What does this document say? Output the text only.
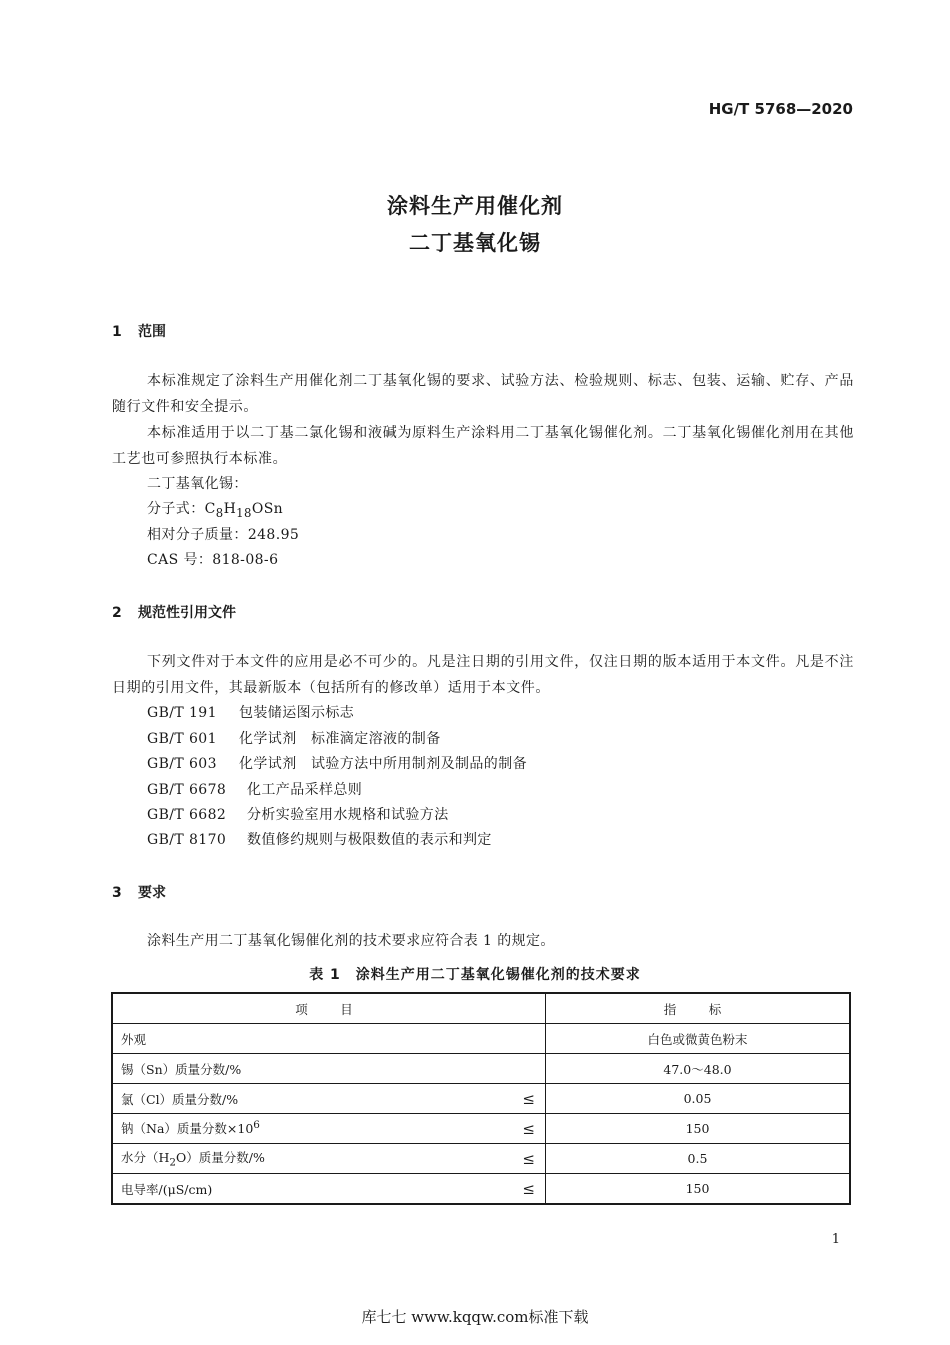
HG/T 5768—2020
涂料生产用催化剂
二丁基氧化锡
1 范围
本标准规定了涂料生产用催化剂二丁基氧化锡的要求、试验方法、检验规则、标志、包装、运输、贮存、产品随行文件和安全提示。
本标准适用于以二丁基二氯化锡和液碱为原料生产涂料用二丁基氧化锡催化剂。二丁基氧化锡催化剂用在其他工艺也可参照执行本标准。
二丁基氧化锡：
分子式：$C_8H_{18}OSn$
相对分子质量：248.95
CAS 号：818-08-6
2 规范性引用文件
下列文件对于本文件的应用是必不可少的。凡是注日期的引用文件，仅注日期的版本适用于本文件。凡是不注日期的引用文件，其最新版本（包括所有的修改单）适用于本文件。
GB/T 191 包装储运图示标志
GB/T 601 化学试剂　标准滴定溶液的制备
GB/T 603 化学试剂　试验方法中所用制剂及制品的制备
GB/T 6678 化工产品采样总则
GB/T 6682 分析实验室用水规格和试验方法
GB/T 8170 数值修约规则与极限数值的表示和判定
3 要求
涂料生产用二丁基氧化锡催化剂的技术要求应符合表 1 的规定。
表 1　涂料生产用二丁基氧化锡催化剂的技术要求
项　目	指　标

外观	白色或微黄色粉末

锡（Sn）质量分数/%	47.0～48.0

氯（Cl）质量分数/% ≤	0.05

钠（Na）质量分数$\times 10^6$ ≤	150

水分$(H_2O)$质量分数/% ≤	0.5

电导率/(μS/cm) ≤	150
1
库七七 www.kqqw.com标准下载
